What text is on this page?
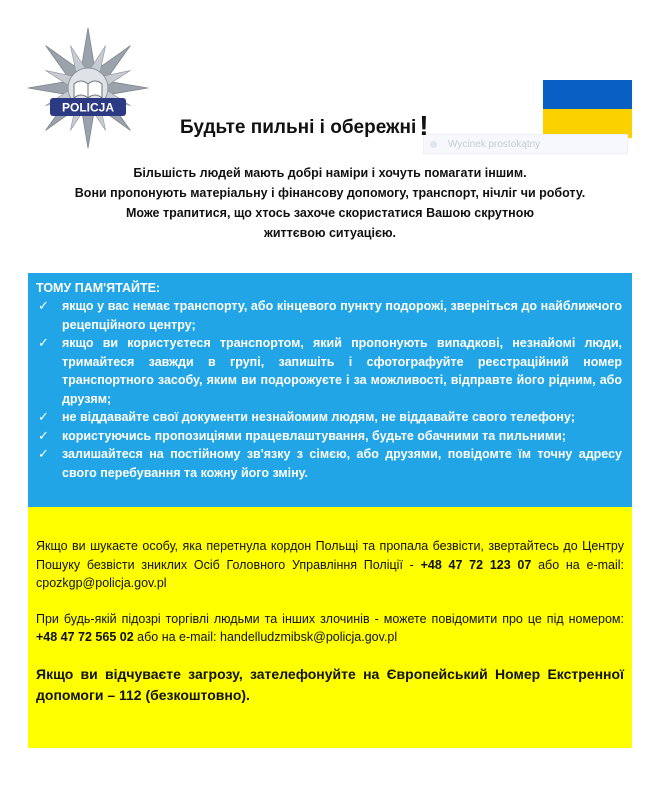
POLICJA
Wycinek prostokątny
Будьте пильні і обережні !

Більшість людей мають добрі наміри і хочуть помагати іншим.

Вони пропонують матеріальну і фінансову допомогу, транспорт, нічліг чи роботу.

Може трапитися, що хтось захоче скористатися Вашою скрутною життєвою ситуацією.

ТОМУ ПАМ'ЯТАЙТЕ:
✓ якщо у вас немає транспорту, або кінцевого пункту подорожі, зверніться до найближчого рецепційного центру;
✓ якщо ви користуєтеся транспортом, який пропонують випадкові, незнайомі люди, тримайтеся завжди в групі, запишіть і сфотографуйте реєстраційний номер транспортного засобу, яким ви подорожуєте і за можливості, відправте його рідним, або друзям;
✓ не віддавайте свої документи незнайомим людям, не віддавайте свого телефону;
✓ користуючись пропозиціями працевлаштування, будьте обачними та пильними;
✓ залишайтеся на постійному зв'язку з сімєю, або друзями, повідомте їм точну адресу свого перебування та кожну його зміну.

Якщо ви шукаєте особу, яка перетнула кордон Польщі та пропала безвісти, звертайтесь до Центру Пошуку безвісти зниклих Осіб Головного Управління Поліції - +48 47 72 123 07 або на e-mail: cpozkgp@policja.gov.pl

При будь-якій підозрі торгівлі людьми та інших злочинів - можете повідомити про це під номером: +48 47 72 565 02 або на e-mail: handelludzmibsk@policja.gov.pl

Якщо ви відчуваєте загрозу, зателефонуйте на Європейський Номер Екстренної допомоги – 112 (безкоштовно).
